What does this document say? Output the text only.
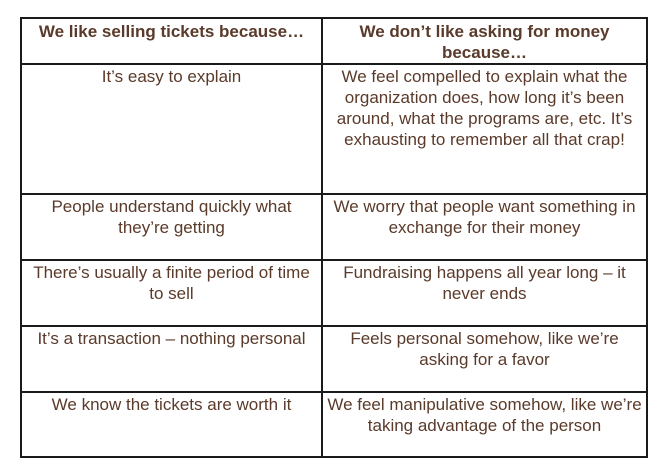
We like selling tickets because…	We don’t like asking for money because…
It’s easy to explain	We feel compelled to explain what the organization does, how long it’s been around, what the programs are, etc. It’s exhausting to remember all that crap!
People understand quickly what they’re getting	We worry that people want something in exchange for their money
There’s usually a finite period of time to sell	Fundraising happens all year long – it never ends
It’s a transaction – nothing personal	Feels personal somehow, like we’re asking for a favor
We know the tickets are worth it	We feel manipulative somehow, like we’re taking advantage of the person
